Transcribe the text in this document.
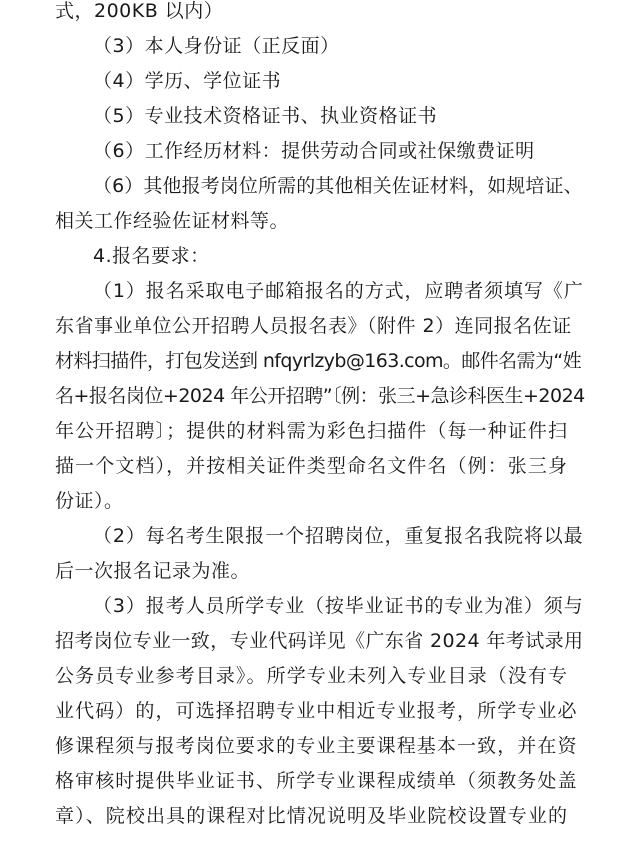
式，200KB 以内）
（3）本人身份证（正反面）
（4）学历、学位证书
（5）专业技术资格证书、执业资格证书
（6）工作经历材料：提供劳动合同或社保缴费证明
（6）其他报考岗位所需的其他相关佐证材料，如规培证、
相关工作经验佐证材料等。
4.报名要求：
（1）报名采取电子邮箱报名的方式，应聘者须填写《广
东省事业单位公开招聘人员报名表》（附件 2）连同报名佐证
材料扫描件，打包发送到 nfqyrlzyb@163.com。邮件名需为“姓
名+报名岗位+2024 年公开招聘”〔例：张三+急诊科医生+2024
年公开招聘〕；提供的材料需为彩色扫描件（每一种证件扫
描一个文档），并按相关证件类型命名文件名（例：张三身
份证）。
（2）每名考生限报一个招聘岗位，重复报名我院将以最
后一次报名记录为准。
（3）报考人员所学专业（按毕业证书的专业为准）须与
招考岗位专业一致，专业代码详见《广东省 2024 年考试录用
公务员专业参考目录》。所学专业未列入专业目录（没有专
业代码）的，可选择招聘专业中相近专业报考，所学专业必
修课程须与报考岗位要求的专业主要课程基本一致，并在资
格审核时提供毕业证书、所学专业课程成绩单（须教务处盖
章）、院校出具的课程对比情况说明及毕业院校设置专业的
